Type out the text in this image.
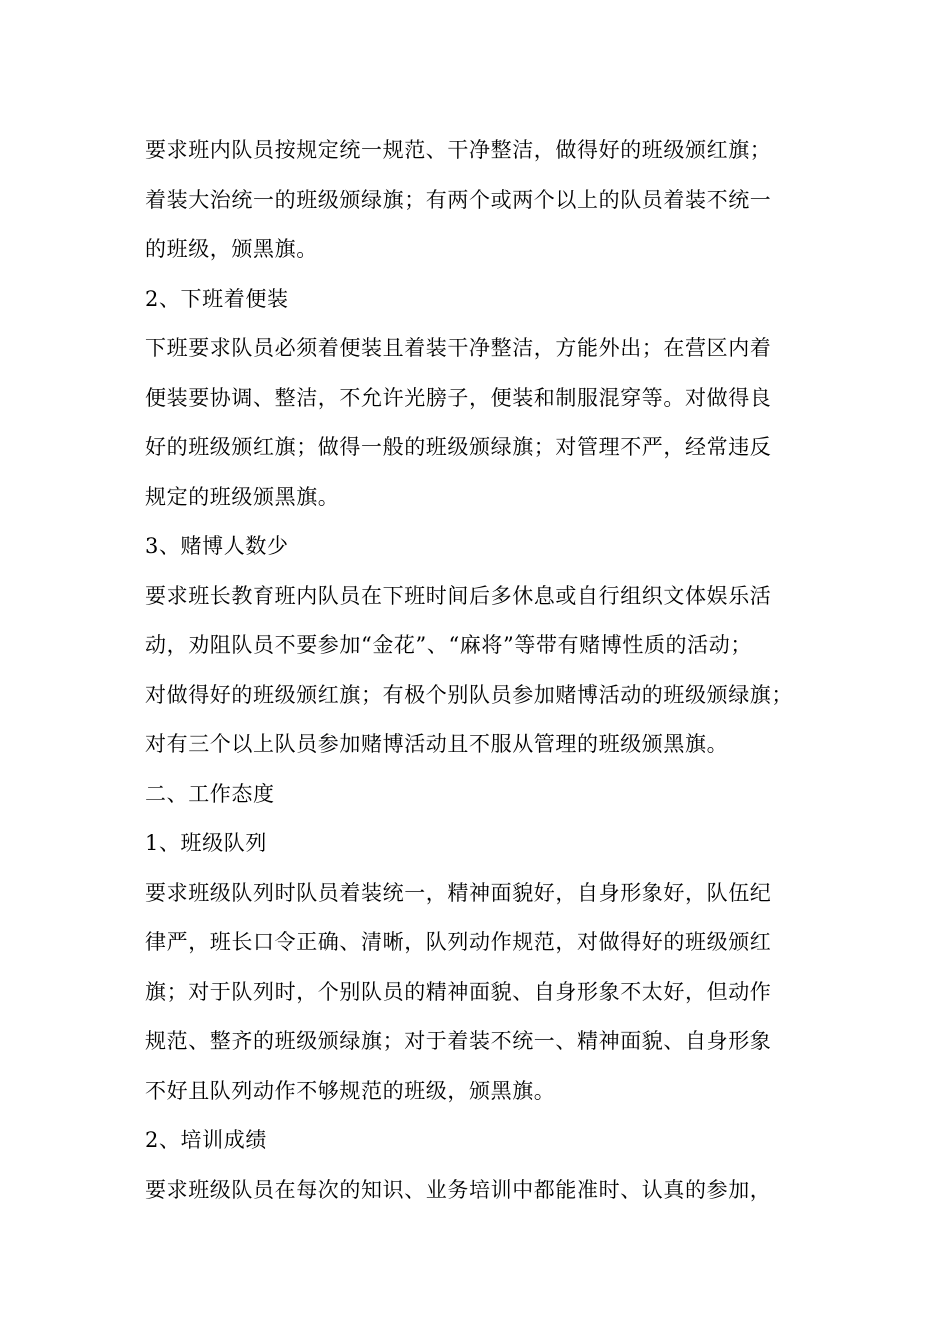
要求班内队员按规定统一规范、干净整洁，做得好的班级颁红旗；

着装大治统一的班级颁绿旗；有两个或两个以上的队员着装不统一

的班级，颁黑旗。

2、下班着便装

下班要求队员必须着便装且着装干净整洁，方能外出；在营区内着

便装要协调、整洁，不允许光膀子，便装和制服混穿等。对做得良

好的班级颁红旗；做得一般的班级颁绿旗；对管理不严，经常违反

规定的班级颁黑旗。

3、赌博人数少

要求班长教育班内队员在下班时间后多休息或自行组织文体娱乐活

动，劝阻队员不要参加“金花”、“麻将”等带有赌博性质的活动；

对做得好的班级颁红旗；有极个别队员参加赌博活动的班级颁绿旗；

对有三个以上队员参加赌博活动且不服从管理的班级颁黑旗。

二、工作态度

1、班级队列

要求班级队列时队员着装统一，精神面貌好，自身形象好，队伍纪

律严，班长口令正确、清晰，队列动作规范，对做得好的班级颁红

旗；对于队列时，个别队员的精神面貌、自身形象不太好，但动作

规范、整齐的班级颁绿旗；对于着装不统一、精神面貌、自身形象

不好且队列动作不够规范的班级，颁黑旗。

2、培训成绩

要求班级队员在每次的知识、业务培训中都能准时、认真的参加，
